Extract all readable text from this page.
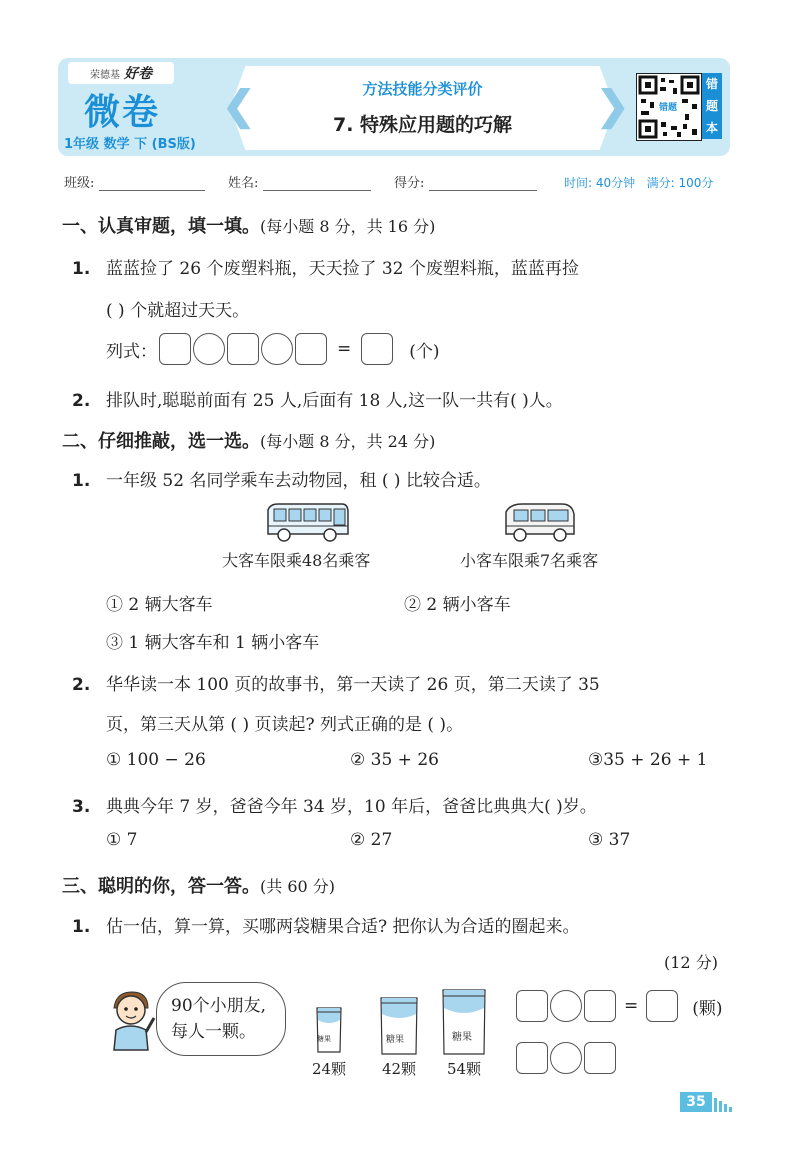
荣德基 好卷
微卷
1年级 数学 下 (BS版)
❮	❯
方法技能分类评价
7. 特殊应用题的巧解
错题
错题本
班级:	姓名:	得分:	时间: 40分钟 满分: 100分
一、认真审题，填一填。(每小题 8 分，共 16 分)
1. 蓝蓝捡了 26 个废塑料瓶，天天捡了 32 个废塑料瓶，蓝蓝再捡
( ) 个就超过天天。
列式：	=	(个)
2. 排队时,聪聪前面有 25 人,后面有 18 人,这一队一共有( )人。
二、仔细推敲，选一选。(每小题 8 分，共 24 分)
1. 一年级 52 名同学乘车去动物园，租 ( ) 比较合适。
大客车限乘48名乘客	小客车限乘7名乘客
① 2 辆大客车	② 2 辆小客车
③ 1 辆大客车和 1 辆小客车
2. 华华读一本 100 页的故事书，第一天读了 26 页，第二天读了 35
页，第三天从第 ( ) 页读起? 列式正确的是 ( )。
① 100 − 26	② 35 + 26	③35 + 26 + 1
3. 典典今年 7 岁，爸爸今年 34 岁，10 年后，爸爸比典典大( )岁。
① 7	② 27	③ 37
三、聪明的你，答一答。(共 60 分)
1. 估一估，算一算，买哪两袋糖果合适? 把你认为合适的圈起来。
(12 分)
90个小朋友,
每人一颗。	糖果	糖果	糖果
24颗	42颗	54颗
=	(颗)
35
